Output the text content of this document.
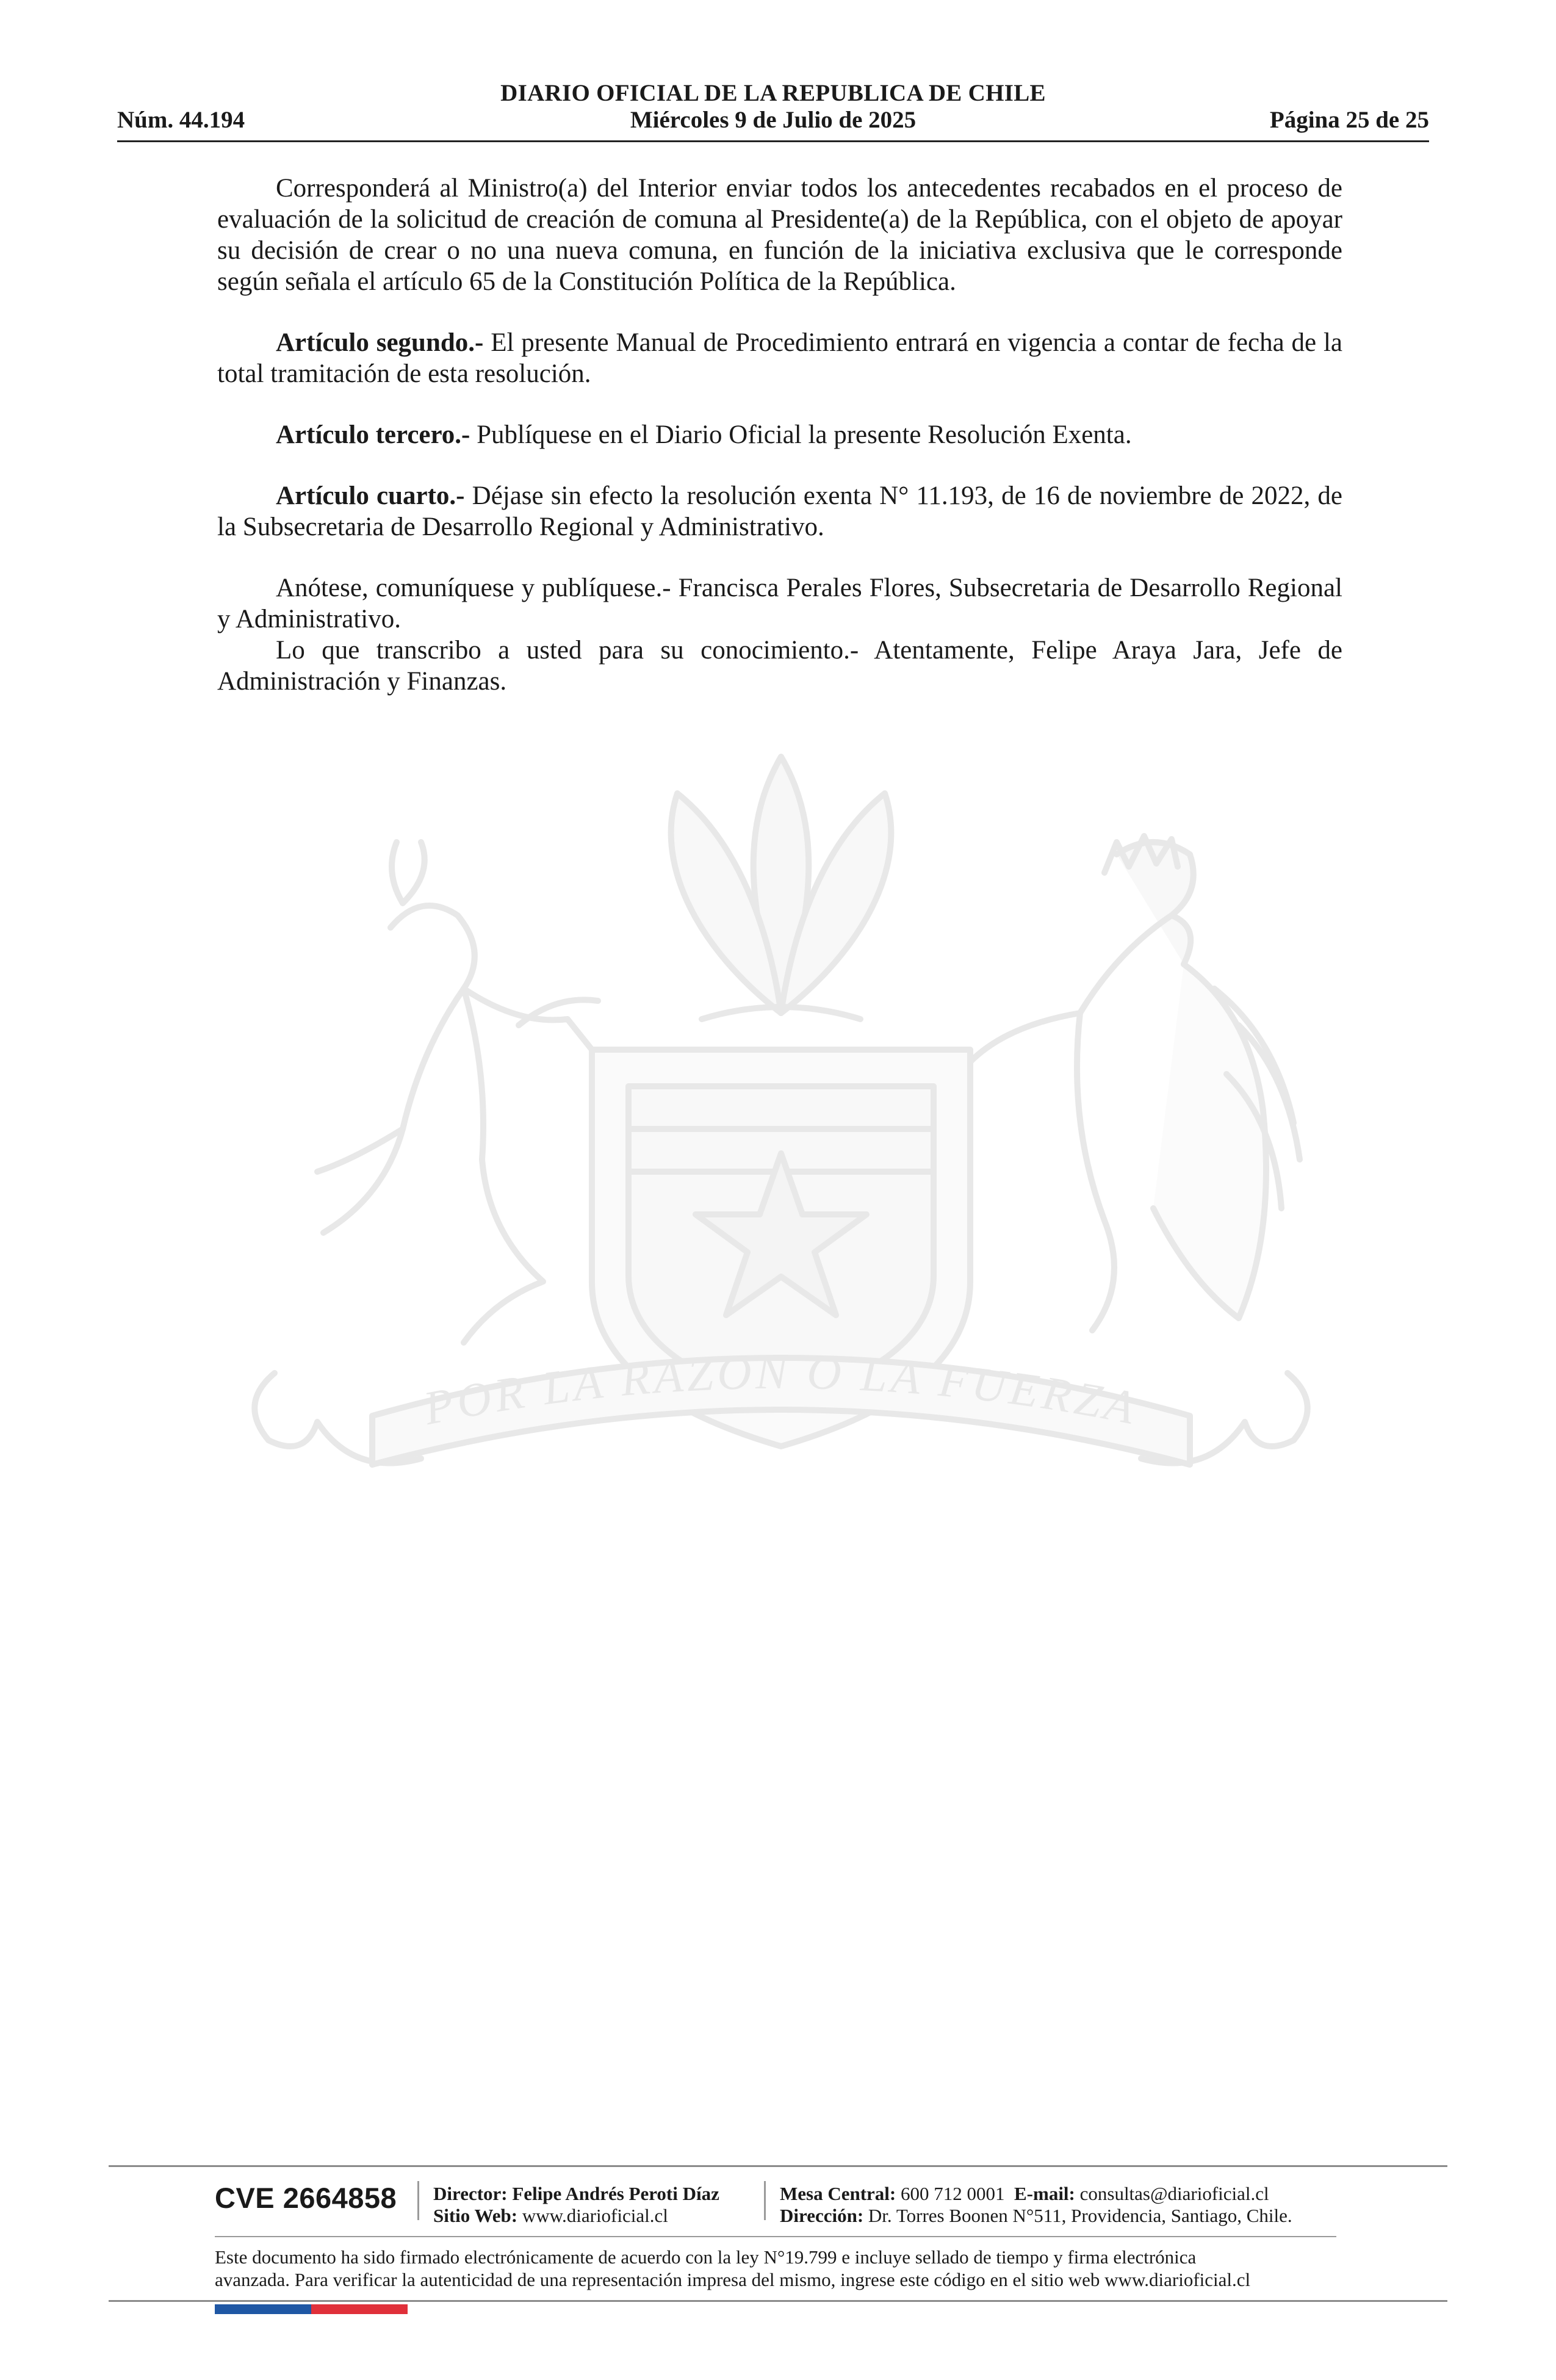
DIARIO OFICIAL DE LA REPUBLICA DE CHILE
Núm. 44.194	Miércoles 9 de Julio de 2025	Página 25 de 25
POR LA RAZON O LA FUERZA

Corresponderá al Ministro(a) del Interior enviar todos los antecedentes recabados en el proceso de evaluación de la solicitud de creación de comuna al Presidente(a) de la República, con el objeto de apoyar su decisión de crear o no una nueva comuna, en función de la iniciativa exclusiva que le corresponde según señala el artículo 65 de la Constitución Política de la República.

Artículo segundo.- El presente Manual de Procedimiento entrará en vigencia a contar de fecha de la total tramitación de esta resolución.

Artículo tercero.- Publíquese en el Diario Oficial la presente Resolución Exenta.

Artículo cuarto.- Déjase sin efecto la resolución exenta N° 11.193, de 16 de noviembre de 2022, de la Subsecretaria de Desarrollo Regional y Administrativo.

Anótese, comuníquese y publíquese.- Francisca Perales Flores, Subsecretaria de Desarrollo Regional y Administrativo.

Lo que transcribo a usted para su conocimiento.- Atentamente, Felipe Araya Jara, Jefe de Administración y Finanzas.

CVE 2664858 Director: Felipe Andrés Peroti Díaz
Sitio Web: www.diarioficial.cl
Mesa Central: 600 712 0001 E-mail: consultas@diarioficial.cl
Dirección: Dr. Torres Boonen N°511, Providencia, Santiago, Chile.
Este documento ha sido firmado electrónicamente de acuerdo con la ley N°19.799 e incluye sellado de tiempo y firma electrónica
avanzada. Para verificar la autenticidad de una representación impresa del mismo, ingrese este código en el sitio web www.diarioficial.cl
